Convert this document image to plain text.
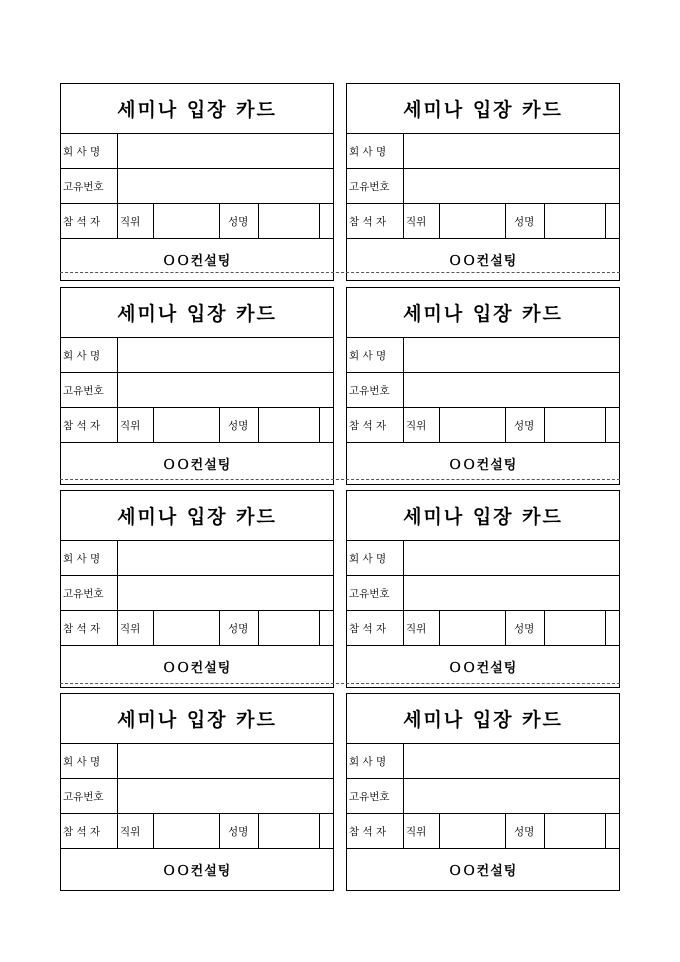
세미나 입장 카드
회 사 명
고유번호
참 석 자	직위	성명
ＯＯ컨설팅
세미나 입장 카드
회 사 명
고유번호
참 석 자	직위	성명
ＯＯ컨설팅
세미나 입장 카드
회 사 명
고유번호
참 석 자	직위	성명
ＯＯ컨설팅
세미나 입장 카드
회 사 명
고유번호
참 석 자	직위	성명
ＯＯ컨설팅
세미나 입장 카드
회 사 명
고유번호
참 석 자	직위	성명
ＯＯ컨설팅
세미나 입장 카드
회 사 명
고유번호
참 석 자	직위	성명
ＯＯ컨설팅
세미나 입장 카드
회 사 명
고유번호
참 석 자	직위	성명
ＯＯ컨설팅
세미나 입장 카드
회 사 명
고유번호
참 석 자	직위	성명
ＯＯ컨설팅
